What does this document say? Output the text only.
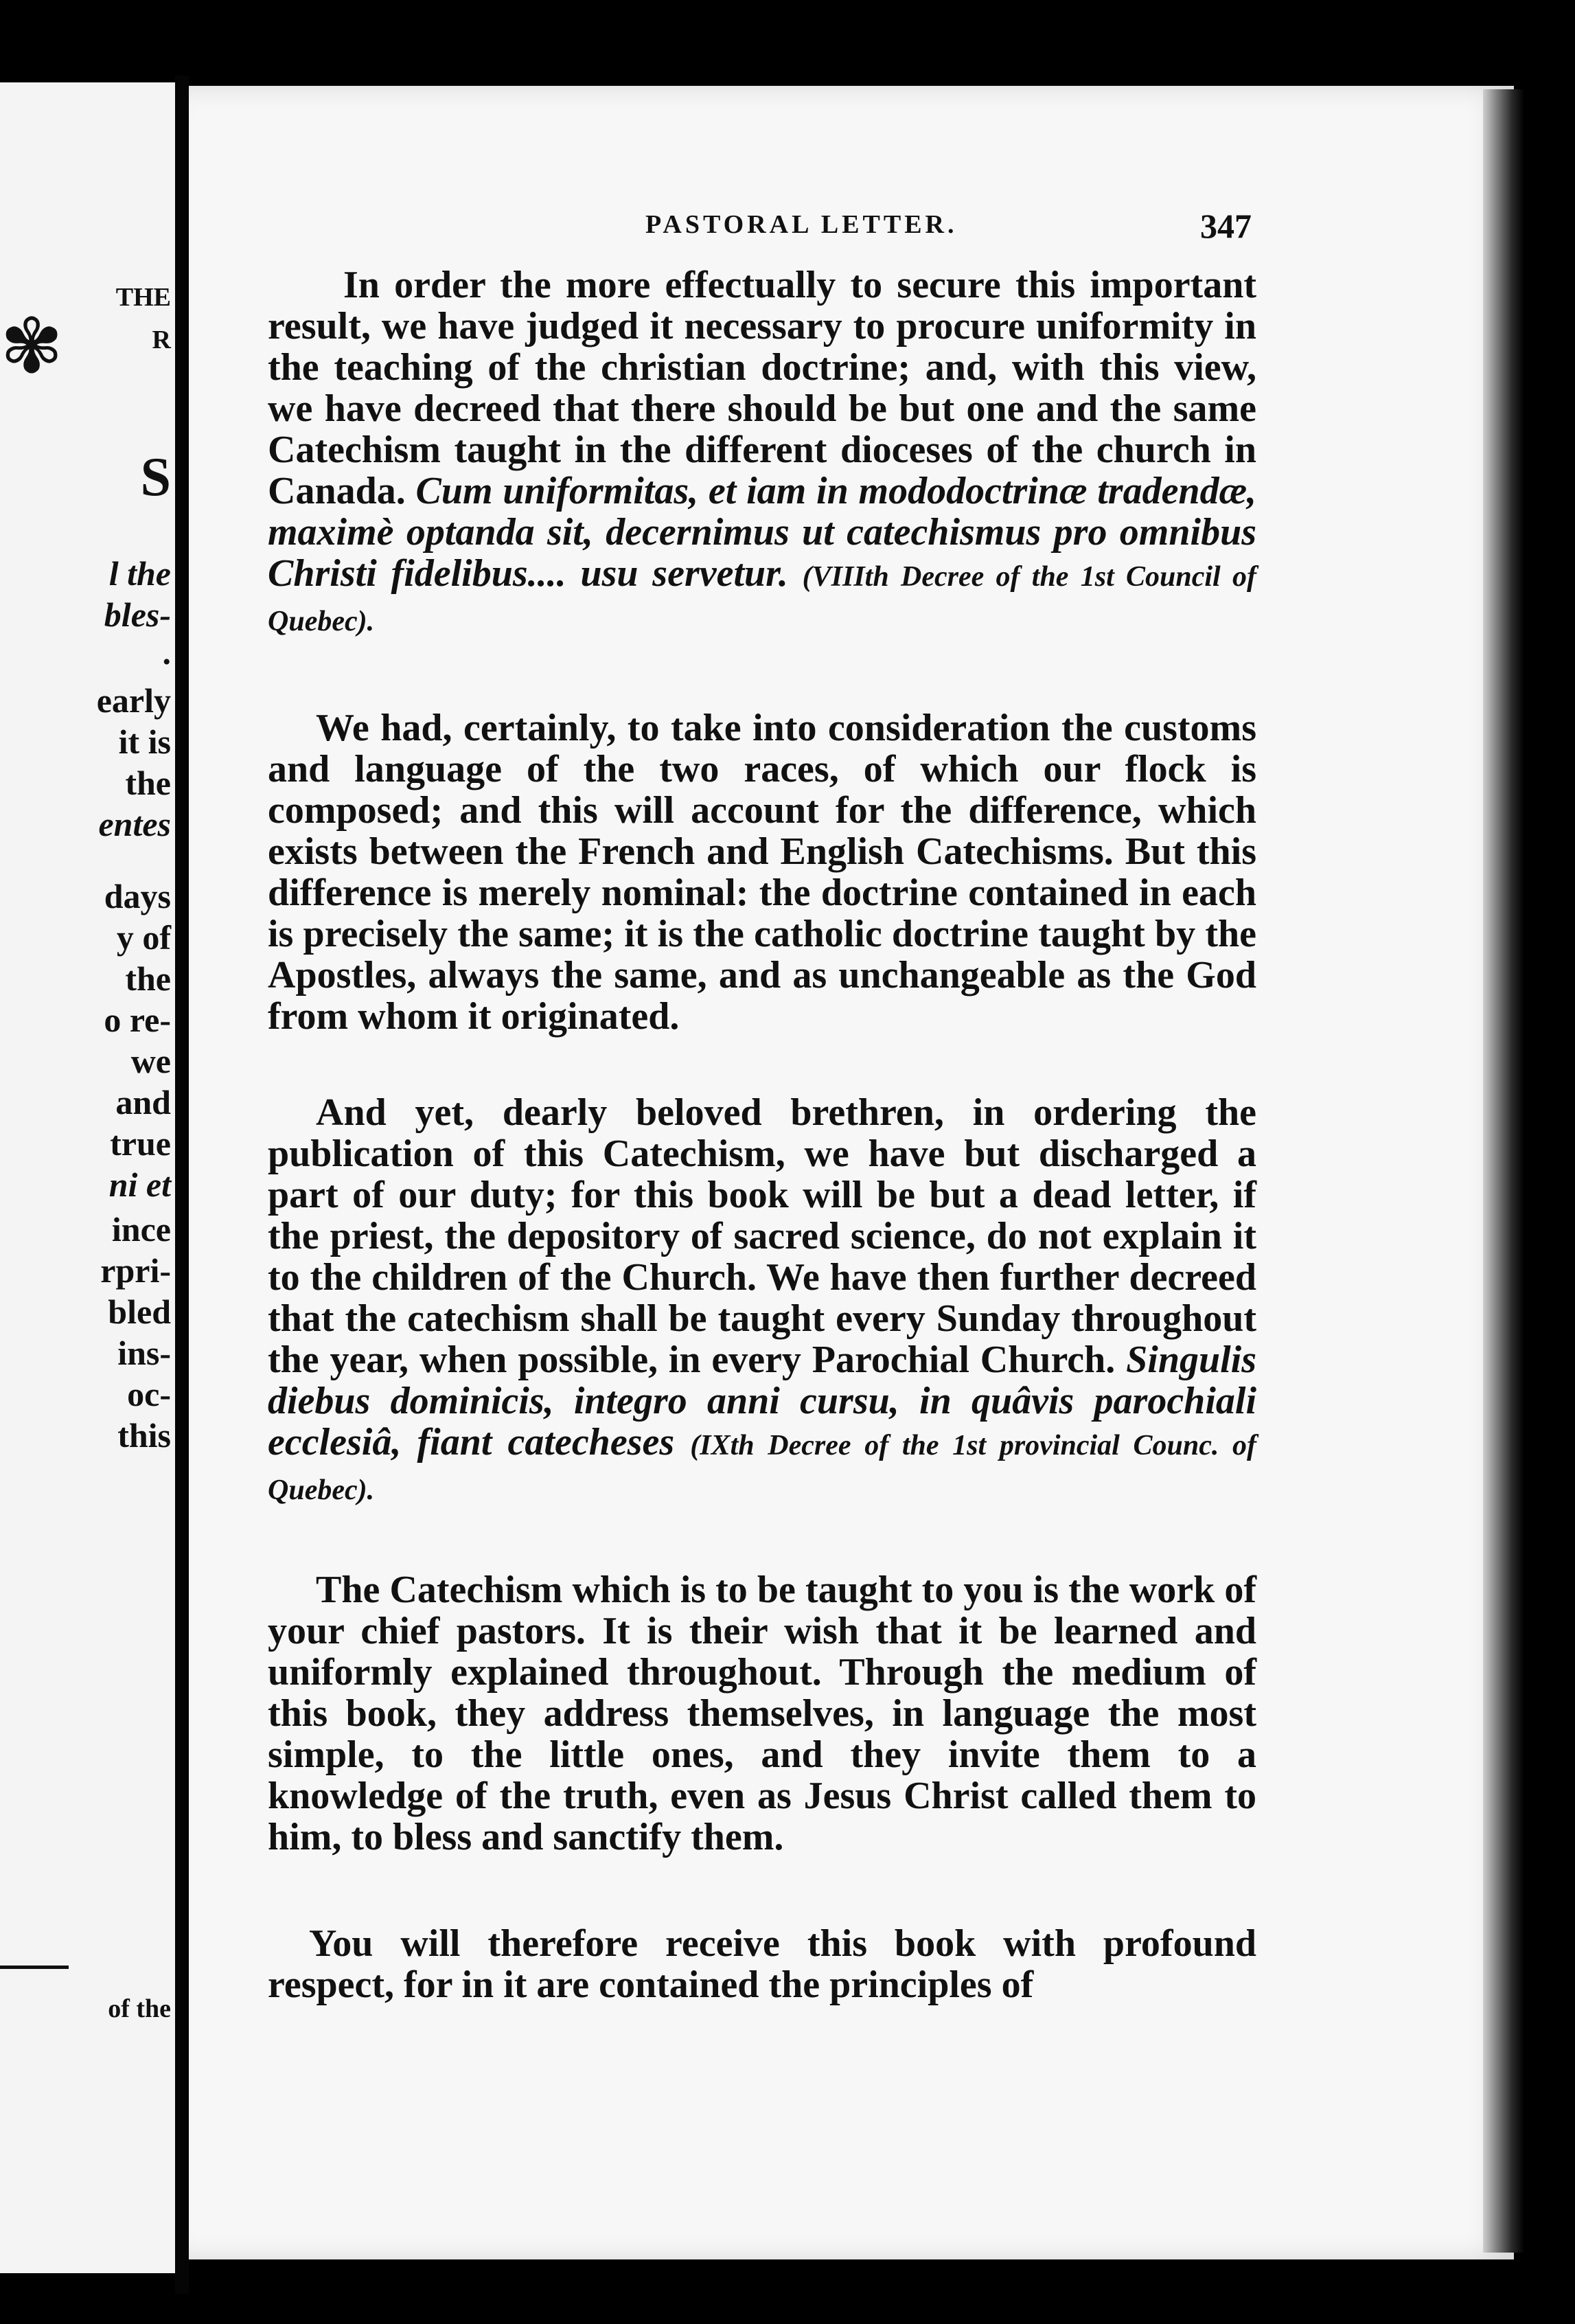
✾
THE
R
S
l the
bles-
.
early
it is
the
entes
days
y of
the
o re-
we
and
true
ni et
ince
rpri-
bled
ins-
oc-
this
of the
PASTORAL LETTER.	347

In order the more effectually to secure this important result, we have judged it necessary to procure uniformity in the teaching of the christian doctrine; and, with this view, we have decreed that there should be but one and the same Catechism taught in the different dioceses of the church in Canada. Cum uniformitas, et iam in mododoctrinæ tradendæ, maximè optanda sit, decernimus ut catechismus pro omnibus Christi fidelibus.... usu servetur. (VIIIth Decree of the 1st Council of Quebec).

We had, certainly, to take into consideration the customs and language of the two races, of which our flock is composed; and this will account for the difference, which exists between the French and English Catechisms. But this difference is merely nominal: the doctrine contained in each is precisely the same; it is the catholic doctrine taught by the Apostles, always the same, and as unchangeable as the God from whom it originated.

And yet, dearly beloved brethren, in ordering the publication of this Catechism, we have but discharged a part of our duty; for this book will be but a dead letter, if the priest, the depository of sacred science, do not explain it to the children of the Church. We have then further decreed that the catechism shall be taught every Sunday throughout the year, when possible, in every Parochial Church. Singulis diebus dominicis, integro anni cursu, in quâvis parochiali ecclesiâ, fiant catecheses (IXth Decree of the 1st provincial Counc. of Quebec).

The Catechism which is to be taught to you is the work of your chief pastors. It is their wish that it be learned and uniformly explained throughout. Through the medium of this book, they address themselves, in language the most simple, to the little ones, and they invite them to a knowledge of the truth, even as Jesus Christ called them to him, to bless and sanctify them.

You will therefore receive this book with profound respect, for in it are contained the principles of
